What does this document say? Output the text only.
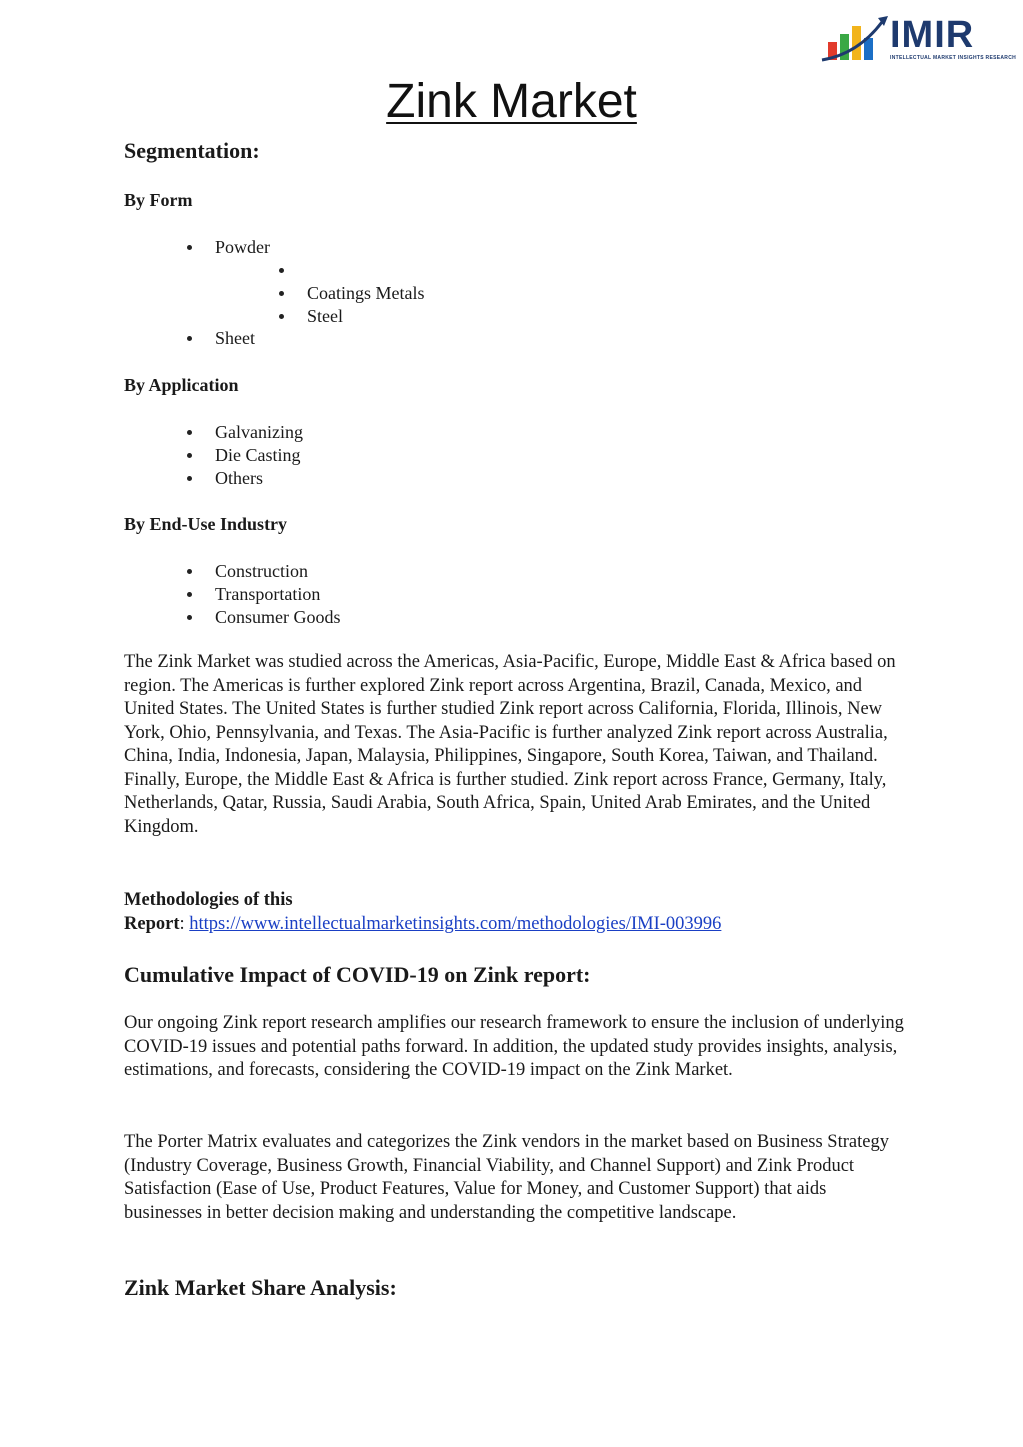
IMIR
INTELLECTUAL MARKET INSIGHTS RESEARCH
Zink Market
Segmentation:
By Form
Powder
Coatings Metals
Steel
Sheet
By Application
Galvanizing
Die Casting
Others
By End-Use Industry
Construction
Transportation
Consumer Goods

The Zink Market was studied across the Americas, Asia-Pacific, Europe, Middle East & Africa based on region. The Americas is further explored Zink report across Argentina, Brazil, Canada, Mexico, and United States. The United States is further studied Zink report across California, Florida, Illinois, New York, Ohio, Pennsylvania, and Texas. The Asia-Pacific is further analyzed Zink report across Australia, China, India, Indonesia, Japan, Malaysia, Philippines, Singapore, South Korea, Taiwan, and Thailand. Finally, Europe, the Middle East & Africa is further studied. Zink report across France, Germany, Italy, Netherlands, Qatar, Russia, Saudi Arabia, South Africa, Spain, United Arab Emirates, and the United Kingdom.

Methodologies of this
Report: https://www.intellectualmarketinsights.com/methodologies/IMI-003996
Cumulative Impact of COVID-19 on Zink report:

Our ongoing Zink report research amplifies our research framework to ensure the inclusion of underlying COVID-19 issues and potential paths forward. In addition, the updated study provides insights, analysis, estimations, and forecasts, considering the COVID-19 impact on the Zink Market.

The Porter Matrix evaluates and categorizes the Zink vendors in the market based on Business Strategy (Industry Coverage, Business Growth, Financial Viability, and Channel Support) and Zink Product Satisfaction (Ease of Use, Product Features, Value for Money, and Customer Support) that aids businesses in better decision making and understanding the competitive landscape.

Zink Market Share Analysis:
